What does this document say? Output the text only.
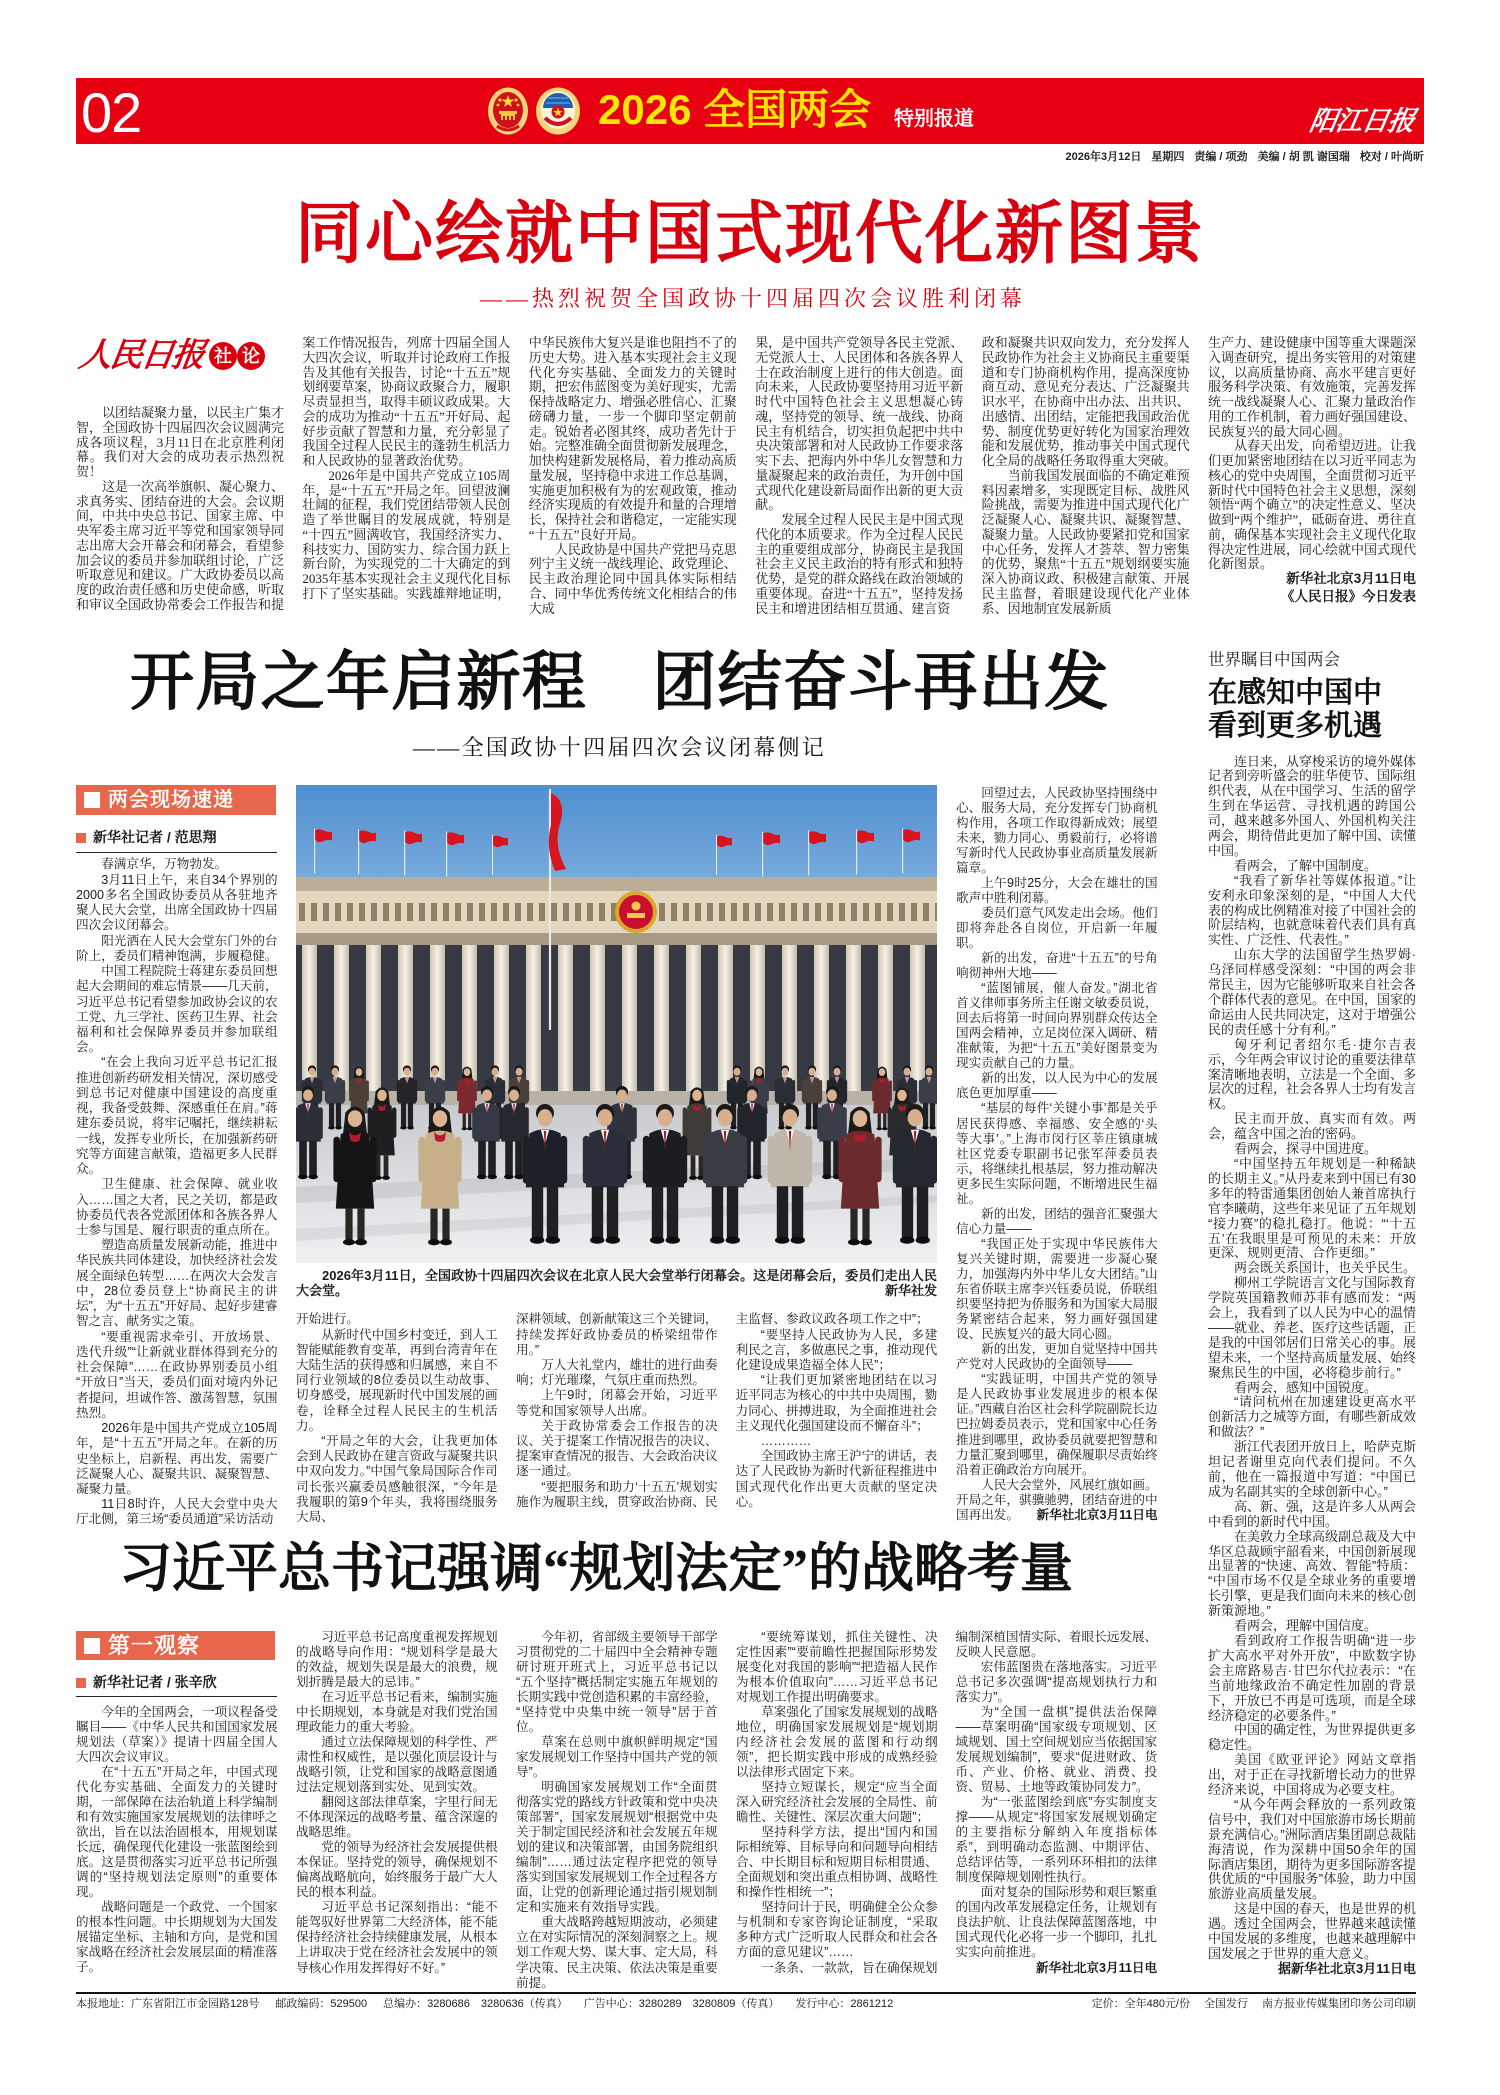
02	2026 全国两会 特别报道	阳江日报
2026年3月12日 星期四 责编 / 项劲 美编 / 胡 凯 谢国瑞 校对 / 叶尚昕
同心绘就中国式现代化新图景
——热烈祝贺全国政协十四届四次会议胜利闭幕
人民日报 社 论

以团结凝聚力量，以民主广集才智，全国政协十四届四次会议圆满完成各项议程，3月11日在北京胜利闭幕。我们对大会的成功表示热烈祝贺！

这是一次高举旗帜、凝心聚力、求真务实、团结奋进的大会。会议期间，中共中央总书记、国家主席、中央军委主席习近平等党和国家领导同志出席大会开幕会和闭幕会，看望参加会议的委员并参加联组讨论，广泛听取意见和建议。广大政协委员以高度的政治责任感和历史使命感，听取和审议全国政协常委会工作报告和提

案工作情况报告，列席十四届全国人大四次会议，听取并讨论政府工作报告及其他有关报告，讨论“十五五”规划纲要草案，协商议政聚合力，履职尽责显担当，取得丰硕议政成果。大会的成功为推动“十五五”开好局、起好步贡献了智慧和力量，充分彰显了我国全过程人民民主的蓬勃生机活力和人民政协的显著政治优势。

2026年是中国共产党成立105周年，是“十五五”开局之年。回望波澜壮阔的征程，我们党团结带领人民创造了举世瞩目的发展成就，特别是“十四五”圆满收官，我国经济实力、科技实力、国防实力、综合国力跃上新台阶，为实现党的二十大确定的到2035年基本实现社会主义现代化目标打下了坚实基础。实践雄辩地证明，

中华民族伟大复兴是谁也阻挡不了的历史大势。进入基本实现社会主义现代化夯实基础、全面发力的关键时期，把宏伟蓝图变为美好现实，尤需保持战略定力、增强必胜信心、汇聚磅礴力量，一步一个脚印坚定朝前走。锐始者必图其终，成功者先计于始。完整准确全面贯彻新发展理念，加快构建新发展格局，着力推动高质量发展，坚持稳中求进工作总基调，实施更加积极有为的宏观政策，推动经济实现质的有效提升和量的合理增长，保持社会和谐稳定，一定能实现“十五五”良好开局。

人民政协是中国共产党把马克思列宁主义统一战线理论、政党理论、民主政治理论同中国具体实际相结合、同中华优秀传统文化相结合的伟大成

果，是中国共产党领导各民主党派、无党派人士、人民团体和各族各界人士在政治制度上进行的伟大创造。面向未来，人民政协要坚持用习近平新时代中国特色社会主义思想凝心铸魂，坚持党的领导、统一战线、协商民主有机结合，切实担负起把中共中央决策部署和对人民政协工作要求落实下去、把海内外中华儿女智慧和力量凝聚起来的政治责任，为开创中国式现代化建设新局面作出新的更大贡献。

发展全过程人民民主是中国式现代化的本质要求。作为全过程人民民主的重要组成部分，协商民主是我国社会主义民主政治的特有形式和独特优势，是党的群众路线在政治领域的重要体现。奋进“十五五”，坚持发扬民主和增进团结相互贯通、建言资

政和凝聚共识双向发力，充分发挥人民政协作为社会主义协商民主重要渠道和专门协商机构作用，提高深度协商互动、意见充分表达、广泛凝聚共识水平，在协商中出办法、出共识、出感情、出团结，定能把我国政治优势、制度优势更好转化为国家治理效能和发展优势，推动事关中国式现代化全局的战略任务取得重大突破。

当前我国发展面临的不确定难预料因素增多，实现既定目标、战胜风险挑战，需要为推进中国式现代化广泛凝聚人心、凝聚共识、凝聚智慧、凝聚力量。人民政协要紧扣党和国家中心任务，发挥人才荟萃、智力密集的优势，聚焦“十五五”规划纲要实施深入协商议政、积极建言献策、开展民主监督，着眼建设现代化产业体系、因地制宜发展新质

生产力、建设健康中国等重大课题深入调查研究，提出务实管用的对策建议，以高质量协商、高水平建言更好服务科学决策、有效施策，完善发挥统一战线凝聚人心、汇聚力量政治作用的工作机制，着力画好强国建设、民族复兴的最大同心圆。

从春天出发，向希望迈进。让我们更加紧密地团结在以习近平同志为核心的党中央周围，全面贯彻习近平新时代中国特色社会主义思想，深刻领悟“两个确立”的决定性意义、坚决做到“两个维护”，砥砺奋进、勇往直前，确保基本实现社会主义现代化取得决定性进展，同心绘就中国式现代化新图景。

新华社北京3月11日电
《人民日报》今日发表
开局之年启新程　团结奋斗再出发
——全国政协十四届四次会议闭幕侧记
两会现场速递
新华社记者 / 范思翔

春满京华，万物勃发。

3月11日上午，来自34个界别的2000多名全国政协委员从各驻地齐聚人民大会堂，出席全国政协十四届四次会议闭幕会。

阳光洒在人民大会堂东门外的台阶上，委员们精神饱满，步履稳健。

中国工程院院士蒋建东委员回想起大会期间的难忘情景——几天前，习近平总书记看望参加政协会议的农工党、九三学社、医药卫生界、社会福利和社会保障界委员并参加联组会。

“在会上我向习近平总书记汇报推进创新药研发相关情况，深切感受到总书记对健康中国建设的高度重视，我备受鼓舞、深感重任在肩。”蒋建东委员说，将牢记嘱托，继续耕耘一线，发挥专业所长，在加强新药研究等方面建言献策，造福更多人民群众。

卫生健康、社会保障、就业收入……国之大者，民之关切，都是政协委员代表各党派团体和各族各界人士参与国是、履行职责的重点所在。

塑造高质量发展新动能，推进中华民族共同体建设，加快经济社会发展全面绿色转型……在两次大会发言中，28位委员登上“协商民主的讲坛”，为“十五五”开好局、起好步建睿智之言、献务实之策。

“要重视需求牵引、开放场景、迭代升级”“让新就业群体得到充分的社会保障”……在政协界别委员小组“开放日”当天，委员们面对境内外记者提问，坦诚作答、激荡智慧，氛围热烈。

2026年是中国共产党成立105周年，是“十五五”开局之年。在新的历史坐标上，启新程、再出发，需要广泛凝聚人心、凝聚共识、凝聚智慧、凝聚力量。

11日8时许，人民大会堂中央大厅北侧，第三场“委员通道”采访活动

2026年3月11日，全国政协十四届四次会议在北京人民大会堂举行闭幕会。这是闭幕会后，委员们走出人民大会堂。	新华社发

开始进行。

从新时代中国乡村变迁，到人工智能赋能教育变革，再到台湾青年在大陆生活的获得感和归属感，来自不同行业领域的8位委员以生动故事、切身感受，展现新时代中国发展的画卷，诠释全过程人民民主的生机活力。

“开局之年的大会，让我更加体会到人民政协在建言资政与凝聚共识中双向发力。”中国气象局国际合作司司长张兴赢委员感触很深，“今年是我履职的第9个年头，我将围绕服务大局、

深耕领域、创新献策这三个关键词，持续发挥好政协委员的桥梁纽带作用。”

万人大礼堂内，雄壮的进行曲奏响；灯光璀璨，气氛庄重而热烈。

上午9时，闭幕会开始，习近平等党和国家领导人出席。

关于政协常委会工作报告的决议、关于提案工作情况报告的决议、提案审查情况的报告、大会政治决议逐一通过。

“要把服务和助力‘十五五’规划实施作为履职主线，贯穿政治协商、民

主监督、参政议政各项工作之中”；

“要坚持人民政协为人民，多建利民之言，多做惠民之事，推动现代化建设成果造福全体人民”；

“让我们更加紧密地团结在以习近平同志为核心的中共中央周围，勠力同心、拼搏进取，为全面推进社会主义现代化强国建设而不懈奋斗”；

…………

全国政协主席王沪宁的讲话，表达了人民政协为新时代新征程推进中国式现代化作出更大贡献的坚定决心。

回望过去，人民政协坚持围绕中心、服务大局，充分发挥专门协商机构作用，各项工作取得新成效；展望未来，勠力同心、勇毅前行，必将谱写新时代人民政协事业高质量发展新篇章。

上午9时25分，大会在雄壮的国歌声中胜利闭幕。

委员们意气风发走出会场。他们即将奔赴各自岗位，开启新一年履职。

新的出发，奋进“十五五”的号角响彻神州大地——

“蓝图铺展，催人奋发。”湖北省首义律师事务所主任谢文敏委员说，回去后将第一时间向界别群众传达全国两会精神，立足岗位深入调研、精准献策，为把“十五五”美好图景变为现实贡献自己的力量。

新的出发，以人民为中心的发展底色更加厚重——

“基层的每件‘关键小事’都是关乎居民获得感、幸福感、安全感的‘头等大事’。”上海市闵行区莘庄镇康城社区党委专职副书记张军萍委员表示，将继续扎根基层，努力推动解决更多民生实际问题，不断增进民生福祉。

新的出发，团结的强音汇聚强大信心力量——

“我国正处于实现中华民族伟大复兴关键时期，需要进一步凝心聚力，加强海内外中华儿女大团结。”山东省侨联主席李兴钰委员说，侨联组织要坚持把为侨服务和为国家大局服务紧密结合起来，努力画好强国建设、民族复兴的最大同心圆。

新的出发，更加自觉坚持中国共产党对人民政协的全面领导——

“实践证明，中国共产党的领导是人民政协事业发展进步的根本保证。”西藏自治区社会科学院副院长边巴拉姆委员表示，党和国家中心任务推进到哪里，政协委员就要把智慧和力量汇聚到哪里，确保履职尽责始终沿着正确政治方向展开。

人民大会堂外，风展红旗如画。开局之年，骐骥驰骋，团结奋进的中国再出发。	新华社北京3月11日电
世界瞩目中国两会
在感知中国中
看到更多机遇

连日来，从穿梭采访的境外媒体记者到旁听盛会的驻华使节、国际组织代表，从在中国学习、生活的留学生到在华运营、寻找机遇的跨国公司，越来越多外国人、外国机构关注两会，期待借此更加了解中国、读懂中国。

看两会，了解中国制度。

“我看了新华社等媒体报道。”让安利永印象深刻的是，“中国人大代表的构成比例精准对接了中国社会的阶层结构，也就意味着代表们具有真实性、广泛性、代表性。”

山东大学的法国留学生热罗姆·乌泽同样感受深刻：“中国的两会非常民主，因为它能够听取来自社会各个群体代表的意见。在中国，国家的命运由人民共同决定，这对于增强公民的责任感十分有利。”

匈牙利记者绍尔毛·捷尔吉表示，今年两会审议讨论的重要法律草案清晰地表明，立法是一个全面、多层次的过程，社会各界人士均有发言权。

民主而开放、真实而有效。两会，蕴含中国之治的密码。

看两会，探寻中国进度。

“中国坚持五年规划是一种稀缺的长期主义。”从丹麦来到中国已有30多年的特雷通集团创始人兼首席执行官李曦萌，这些年来见证了五年规划“接力赛”的稳扎稳打。他说：“‘十五五’在我眼里是可预见的未来：开放更深、规则更清、合作更细。”

两会既关系国计，也关乎民生。

柳州工学院语言文化与国际教育学院英国籍教师苏菲有感而发：“两会上，我看到了以人民为中心的温情——就业、养老、医疗这些话题，正是我的中国邻居们日常关心的事。展望未来，一个坚持高质量发展、始终聚焦民生的中国，必将稳步前行。”

看两会，感知中国锐度。

“请问杭州在加速建设更高水平创新活力之城等方面，有哪些新成效和做法？”

浙江代表团开放日上，哈萨克斯坦记者谢里克向代表们提问。不久前，他在一篇报道中写道：“中国已成为名副其实的全球创新中心。”

高、新、强，这是许多人从两会中看到的新时代中国。

在美敦力全球高级副总裁及大中华区总裁顾宇韶看来，中国创新展现出显著的“快速、高效、智能”特质：“中国市场不仅是全球业务的重要增长引擎，更是我们面向未来的核心创新策源地。”

看两会，理解中国信度。

看到政府工作报告明确“进一步扩大高水平对外开放”，中欧数字协会主席路易吉·甘巴尔代拉表示：“在当前地缘政治不确定性加剧的背景下，开放已不再是可选项，而是全球经济稳定的必要条件。”

中国的确定性，为世界提供更多稳定性。

美国《欧亚评论》网站文章指出，对于正在寻找新增长动力的世界经济来说，中国将成为必要支柱。

“从今年两会释放的一系列政策信号中，我们对中国旅游市场长期前景充满信心。”洲际酒店集团副总裁陆海清说，作为深耕中国50余年的国际酒店集团，期待为更多国际游客提供优质的“中国服务”体验，助力中国旅游业高质量发展。

这是中国的春天，也是世界的机遇。透过全国两会，世界越来越读懂中国发展的多维度，也越来越理解中国发展之于世界的重大意义。

据新华社北京3月11日电
习近平总书记强调“规划法定”的战略考量
第一观察
新华社记者 / 张辛欣

今年的全国两会，一项议程备受瞩目——《中华人民共和国国家发展规划法（草案）》提请十四届全国人大四次会议审议。

在“十五五”开局之年，中国式现代化夯实基础、全面发力的关键时期，一部保障在法治轨道上科学编制和有效实施国家发展规划的法律呼之欲出，旨在以法治固根本，用规划谋长远，确保现代化建设一张蓝图绘到底。这是贯彻落实习近平总书记所强调的“坚持规划法定原则”的重要体现。

战略问题是一个政党、一个国家的根本性问题。中长期规划为大国发展锚定坐标、主轴和方向，是党和国家战略在经济社会发展层面的精准落子。

习近平总书记高度重视发挥规划的战略导向作用：“规划科学是最大的效益，规划失误是最大的浪费，规划折腾是最大的忌讳。”

在习近平总书记看来，编制实施中长期规划，本身就是对我们党治国理政能力的重大考验。

通过立法保障规划的科学性、严肃性和权威性，是以强化顶层设计与战略引领，让党和国家的战略意图通过法定规划落到实处、见到实效。

翻阅这部法律草案，字里行间无不体现深远的战略考量、蕴含深邃的战略思维。

党的领导为经济社会发展提供根本保证。坚持党的领导，确保规划不偏离战略航向，始终服务于最广大人民的根本利益。

习近平总书记深刻指出：“能不能驾驭好世界第二大经济体，能不能保持经济社会持续健康发展，从根本上讲取决于党在经济社会发展中的领导核心作用发挥得好不好。”

今年初，省部级主要领导干部学习贯彻党的二十届四中全会精神专题研讨班开班式上，习近平总书记以“五个坚持”概括制定实施五年规划的长期实践中党创造积累的丰富经验，“坚持党中央集中统一领导”居于首位。

草案在总则中旗帜鲜明规定“国家发展规划工作坚持中国共产党的领导”。

明确国家发展规划工作“全面贯彻落实党的路线方针政策和党中央决策部署”，国家发展规划“根据党中央关于制定国民经济和社会发展五年规划的建议和决策部署，由国务院组织编制”……通过法定程序把党的领导落实到国家发展规划工作全过程各方面，让党的创新理论通过指引规划制定和实施来有效指导实践。

重大战略跨越短期波动，必须建立在对实际情况的深刻洞察之上。规划工作观大势、谋大事、定大局，科学决策、民主决策、依法决策是重要前提。

“要统筹谋划，抓住关键性、决定性因素”“要前瞻性把握国际形势发展变化对我国的影响”“把造福人民作为根本价值取向”……习近平总书记对规划工作提出明确要求。

草案强化了国家发展规划的战略地位，明确国家发展规划是“规划期内经济社会发展的蓝图和行动纲领”，把长期实践中形成的成熟经验以法律形式固定下来。

坚持立短谋长，规定“应当全面深入研究经济社会发展的全局性、前瞻性、关键性、深层次重大问题”；

坚持科学方法，提出“国内和国际相统筹、目标导向和问题导向相结合、中长期目标和短期目标相贯通、全面规划和突出重点相协调、战略性和操作性相统一”；

坚持问计于民，明确健全公众参与机制和专家咨询论证制度，“采取多种方式广泛听取人民群众和社会各方面的意见建议”……

一条条、一款款，旨在确保规划

编制深植国情实际、着眼长远发展、反映人民意愿。

宏伟蓝图贵在落地落实。习近平总书记多次强调“提高规划执行力和落实力”。

为“全国一盘棋”提供法治保障——草案明确“国家级专项规划、区域规划、国土空间规划应当依据国家发展规划编制”，要求“促进财政、货币、产业、价格、就业、消费、投资、贸易、土地等政策协同发力”。

为“一张蓝图绘到底”夯实制度支撑——从规定“将国家发展规划确定的主要指标分解纳入年度指标体系”，到明确动态监测、中期评估、总结评估等，一系列环环相扣的法律制度保障规划刚性执行。

面对复杂的国际形势和艰巨繁重的国内改革发展稳定任务，让规划有良法护航、让良法保障蓝图落地，中国式现代化必将一步一个脚印，扎扎实实向前推进。

新华社北京3月11日电
本报地址：广东省阳江市金园路128号 邮政编码：529500 总编办：3280686　3280636（传真） 广告中心：3280289　3280809（传真） 发行中心：2861212	定价：全年480元/份 全国发行 南方报业传媒集团印务公司印刷
